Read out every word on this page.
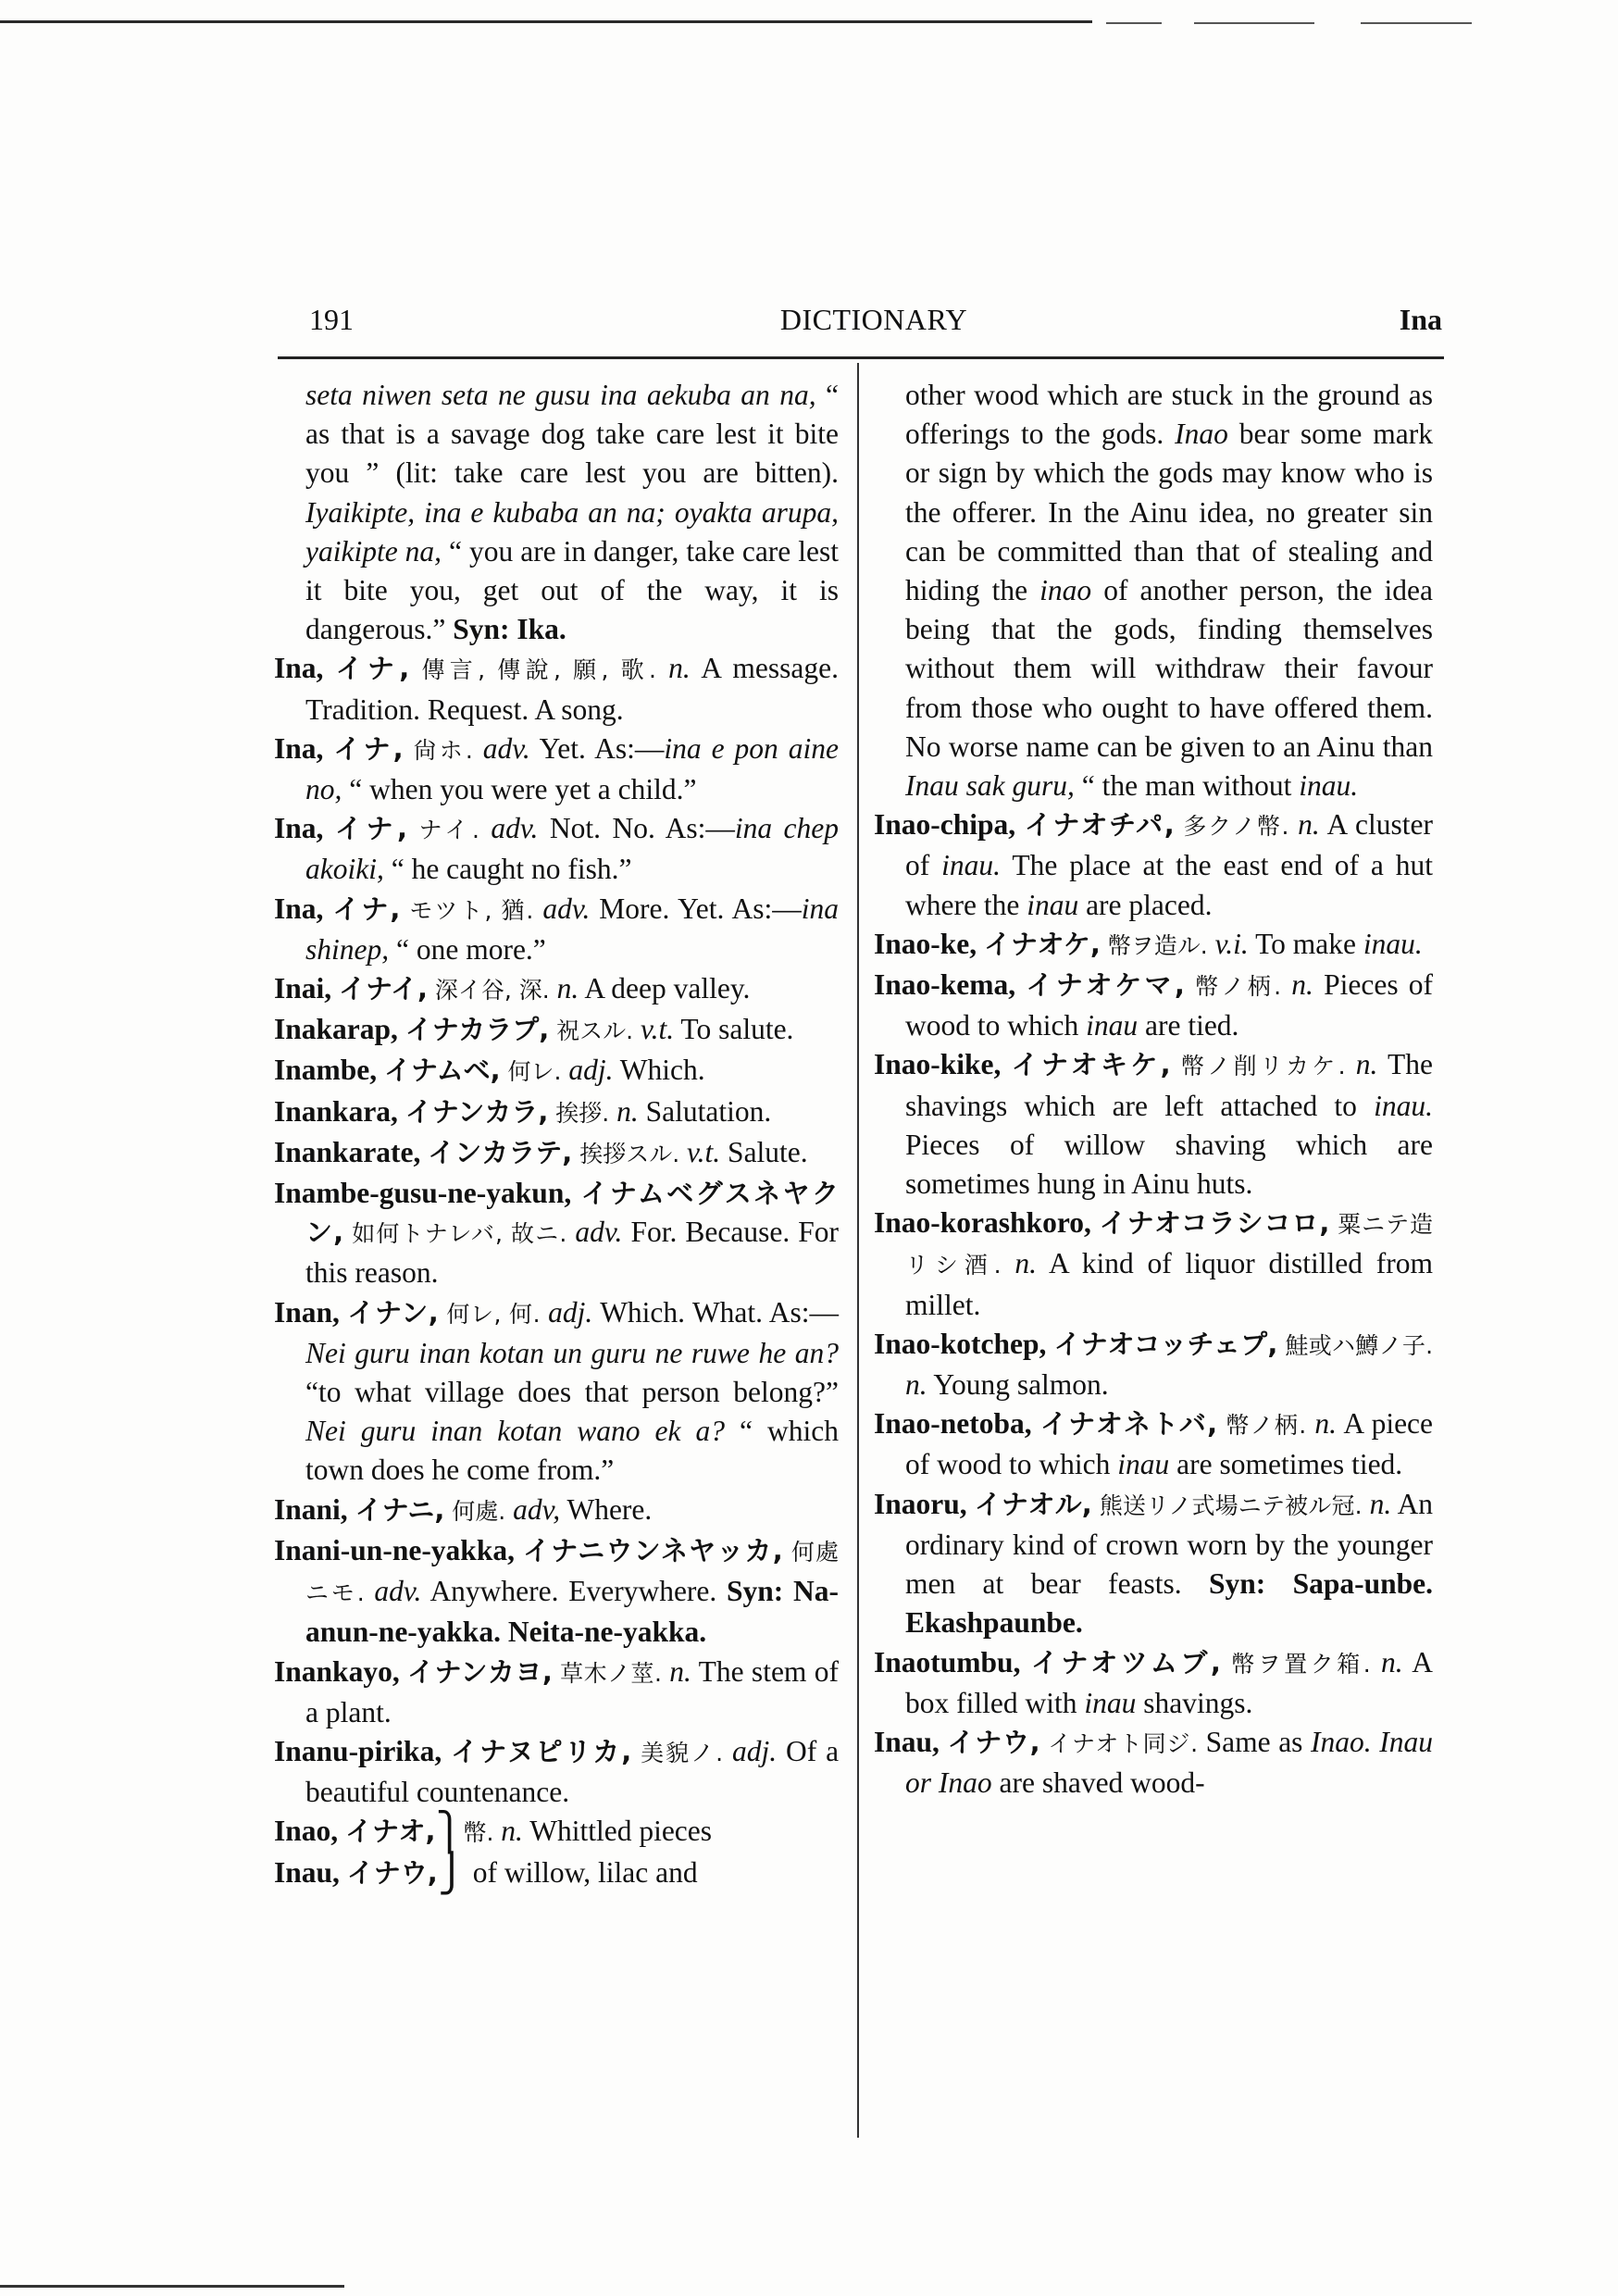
191	DICTIONARY	Ina

seta niwen seta ne gusu ina aekuba an na, “ as that is a savage dog take care lest it bite you ” (lit: take care lest you are bitten). Iyaikipte, ina e kubaba an na; oyakta arupa, yaikipte na, “ you are in danger, take care lest it bite you, get out of the way, it is dangerous.” Syn: Ika.

Ina, イナ, 傳言, 傳說, 願, 歌. n. A message. Tradition. Request. A song.

Ina, イナ, 尙ホ. adv. Yet. As:—ina e pon aine no, “ when you were yet a child.”

Ina, イナ, ナイ. adv. Not. No. As:—ina chep akoiki, “ he caught no fish.”

Ina, イナ, モツト, 猶. adv. More. Yet. As:—ina shinep, “ one more.”

Inai, イナイ, 深イ谷, 深. n. A deep valley.

Inakarap, イナカラプ, 祝スル. v.t. To salute.

Inambe, イナムベ, 何レ. adj. Which.

Inankara, イナンカラ, 挨拶. n. Salutation.

Inankarate, インカラテ, 挨拶スル. v.t. Salute.

Inambe-gusu-ne-yakun, イナムベグスネヤクン, 如何トナレバ, 故ニ. adv. For. Because. For this reason.

Inan, イナン, 何レ, 何. adj. Which. What. As:—Nei guru inan kotan un guru ne ruwe he an? “to what village does that person belong?” Nei guru inan kotan wano ek a? “ which town does he come from.”

Inani, イナニ, 何處. adv, Where.

Inani-un-ne-yakka, イナニウンネヤッカ, 何處ニモ. adv. Anywhere. Everywhere. Syn: Na-anun-ne-yakka. Neita-ne-yakka.

Inankayo, イナンカヨ, 草木ノ莖. n. The stem of a plant.

Inanu-pirika, イナヌピリカ, 美貌ノ. adj. Of a beautiful countenance.

Inao, イナオ,⎫幣. n. Whittled pieces

Inau, イナウ,⎭ of willow, lilac and

other wood which are stuck in the ground as offerings to the gods. Inao bear some mark or sign by which the gods may know who is the offerer. In the Ainu idea, no greater sin can be committed than that of stealing and hiding the inao of another person, the idea being that the gods, finding themselves without them will withdraw their favour from those who ought to have offered them. No worse name can be given to an Ainu than Inau sak guru, “ the man without inau.

Inao-chipa, イナオチパ, 多クノ幣. n. A cluster of inau. The place at the east end of a hut where the inau are placed.

Inao-ke, イナオケ, 幣ヲ造ル. v.i. To make inau.

Inao-kema, イナオケマ, 幣ノ柄. n. Pieces of wood to which inau are tied.

Inao-kike, イナオキケ, 幣ノ削リカケ. n. The shavings which are left attached to inau. Pieces of willow shaving which are sometimes hung in Ainu huts.

Inao-korashkoro, イナオコラシコロ, 粟ニテ造リシ酒. n. A kind of liquor distilled from millet.

Inao-kotchep, イナオコッチェプ, 鮭或ハ鱒ノ子. n. Young salmon.

Inao-netoba, イナオネトバ, 幣ノ柄. n. A piece of wood to which inau are sometimes tied.

Inaoru, イナオル, 熊送リノ式場ニテ被ル冠. n. An ordinary kind of crown worn by the younger men at bear feasts. Syn: Sapa-unbe. Ekashpaunbe.

Inaotumbu, イナオツムブ, 幣ヲ置ク箱. n. A box filled with inau shavings.

Inau, イナウ, イナオト同ジ. Same as Inao. Inau or Inao are shaved wood-
